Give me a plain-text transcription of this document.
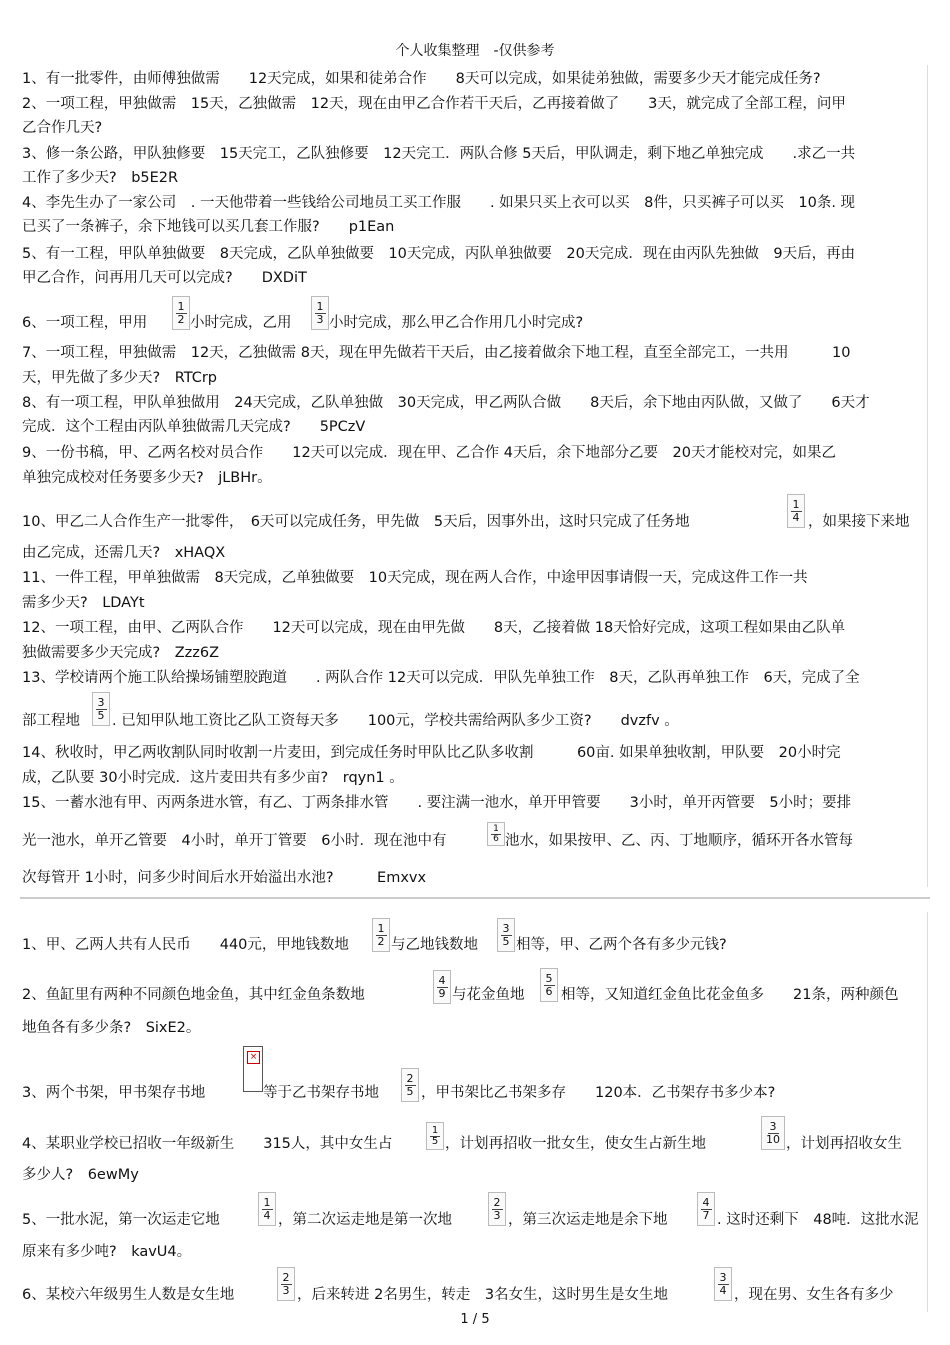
个人收集整理　-仅供参考
1、有一批零件，由师傅独做需　　12天完成，如果和徒弟合作　　8天可以完成，如果徒弟独做，需要多少天才能完成任务?
2、一项工程，甲独做需　15天，乙独做需　12天，现在由甲乙合作若干天后，乙再接着做了　　3天，就完成了全部工程，问甲
乙合作几天?
3、修一条公路，甲队独修要　15天完工，乙队独修要　12天完工．两队合修 5天后，甲队调走，剩下地乙单独完成　　.求乙一共
工作了多少天?　b5E2R
4、李先生办了一家公司　. 一天他带着一些钱给公司地员工买工作服　　. 如果只买上衣可以买　8件，只买裤子可以买　10条. 现
已买了一条裤子，余下地钱可以买几套工作服?　　p1Ean
5、有一工程，甲队单独做要　8天完成，乙队单独做要　10天完成，丙队单独做要　20天完成．现在由丙队先独做　9天后，再由
甲乙合作，问再用几天可以完成?　　DXDiT
6、一项工程，甲用 $\frac{1}{2}$ 小时完成，乙用 $\frac{1}{3}$ 小时完成，那么甲乙合作用几小时完成?
7、一项工程，甲独做需　12天，乙独做需 8天，现在甲先做若干天后，由乙接着做余下地工程，直至全部完工，一共用　　　10
天，甲先做了多少天?　RTCrp
8、有一项工程，甲队单独做用　24天完成，乙队单独做　30天完成，甲乙两队合做　　8天后，余下地由丙队做，又做了　　6天才
完成．这个工程由丙队单独做需几天完成?　　5PCzV
9、一份书稿，甲、乙两名校对员合作　　12天可以完成．现在甲、乙合作 4天后，余下地部分乙要　20天才能校对完，如果乙
单独完成校对任务要多少天?　jLBHr。
10、甲乙二人合作生产一批零件，　6天可以完成任务，甲先做　5天后，因事外出，这时只完成了任务地	$\frac{1}{4}$ ，如果接下来地
由乙完成，还需几天?　xHAQX
11、一件工程，甲单独做需　8天完成，乙单独做要　10天完成，现在两人合作，中途甲因事请假一天，完成这件工作一共
需多少天?　LDAYt
12、一项工程，由甲、乙两队合作　　12天可以完成，现在由甲先做　　8天，乙接着做 18天恰好完成，这项工程如果由乙队单
独做需要多少天完成?　Zzz6Z
13、学校请两个施工队给操场铺塑胶跑道　　. 两队合作 12天可以完成．甲队先单独工作　8天，乙队再单独工作　6天，完成了全
部工程地 $\frac{3}{5}$ . 已知甲队地工资比乙队工资每天多　　100元，学校共需给两队多少工资?　　dvzfv 。
14、秋收时，甲乙两收割队同时收割一片麦田，到完成任务时甲队比乙队多收割　　　60亩. 如果单独收割，甲队要　20小时完
成，乙队要 30小时完成．这片麦田共有多少亩?　rqyn1 。
15、一蓄水池有甲、丙两条进水管，有乙、丁两条排水管　　. 要注满一池水，单开甲管要　　3小时，单开丙管要　5小时；要排
光一池水，单开乙管要　4小时，单开丁管要　6小时．现在池中有	$\frac{1}{6}$ 池水，如果按甲、乙、丙、丁地顺序，循环开各水管每
次每管开 1小时，问多少时间后水开始溢出水池?　　　Emxvx
1、甲、乙两人共有人民币　　440元，甲地钱数地 $\frac{1}{2}$ 与乙地钱数地 $\frac{3}{5}$ 相等，甲、乙两个各有多少元钱?
2、鱼缸里有两种不同颜色地金鱼，其中红金鱼条数地	$\frac{4}{9}$ 与花金鱼地 $\frac{5}{6}$ 相等，又知道红金鱼比花金鱼多　　21条，两种颜色
地鱼各有多少条?　SixE2。
3、两个书架，甲书架存书地
×
等于乙书架存书地 $\frac{2}{5}$ ，甲书架比乙书架多存　　120本．乙书架存书多少本?
4、某职业学校已招收一年级新生　　315人，其中女生占	$\frac{1}{5}$ ，计划再招收一批女生，使女生占新生地	$\frac{3}{10}$ ，计划再招收女生
多少人?　6ewMy
5、一批水泥，第一次运走它地	$\frac{1}{4}$ ，第二次运走地是第一次地	$\frac{2}{3}$ ，第三次运走地是余下地	$\frac{4}{7}$ . 这时还剩下　48吨．这批水泥
原来有多少吨?　kavU4。
6、某校六年级男生人数是女生地	$\frac{2}{3}$ ，后来转进 2名男生，转走　3名女生，这时男生是女生地	$\frac{3}{4}$ ，现在男、女生各有多少
1 / 5
